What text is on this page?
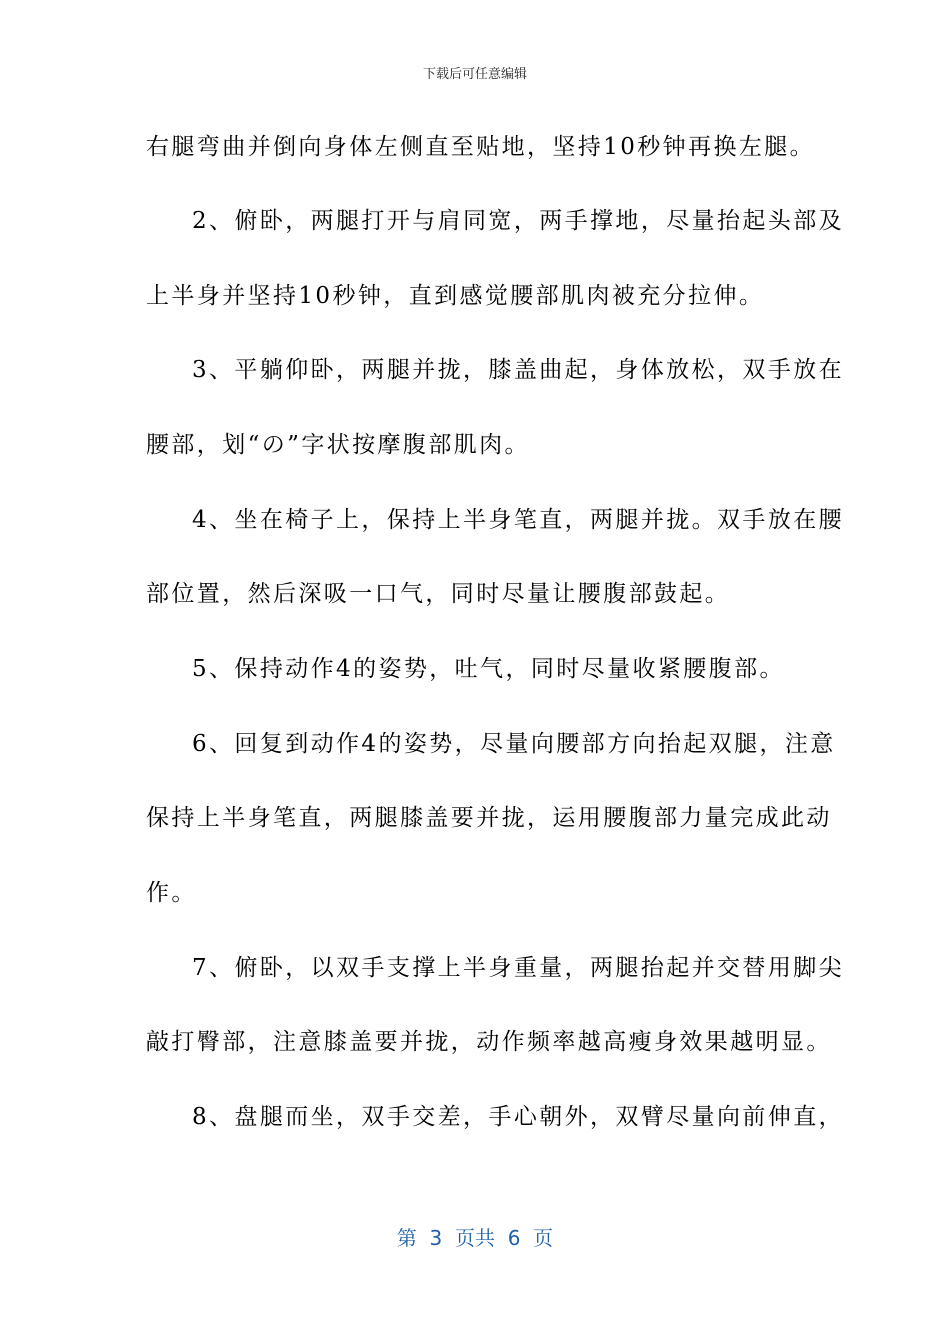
下载后可任意编辑
右腿弯曲并倒向身体左侧直至贴地，坚持10秒钟再换左腿。
2、俯卧，两腿打开与肩同宽，两手撑地，尽量抬起头部及
上半身并坚持10秒钟，直到感觉腰部肌肉被充分拉伸。
3、平躺仰卧，两腿并拢，膝盖曲起，身体放松，双手放在
腰部，划“の”字状按摩腹部肌肉。
4、坐在椅子上，保持上半身笔直，两腿并拢。双手放在腰
部位置，然后深吸一口气，同时尽量让腰腹部鼓起。
5、保持动作4的姿势，吐气，同时尽量收紧腰腹部。
6、回复到动作4的姿势，尽量向腰部方向抬起双腿，注意
保持上半身笔直，两腿膝盖要并拢，运用腰腹部力量完成此动
作。
7、俯卧，以双手支撑上半身重量，两腿抬起并交替用脚尖
敲打臀部，注意膝盖要并拢，动作频率越高瘦身效果越明显。
8、盘腿而坐，双手交差，手心朝外，双臂尽量向前伸直，
第  3  页共  6  页
